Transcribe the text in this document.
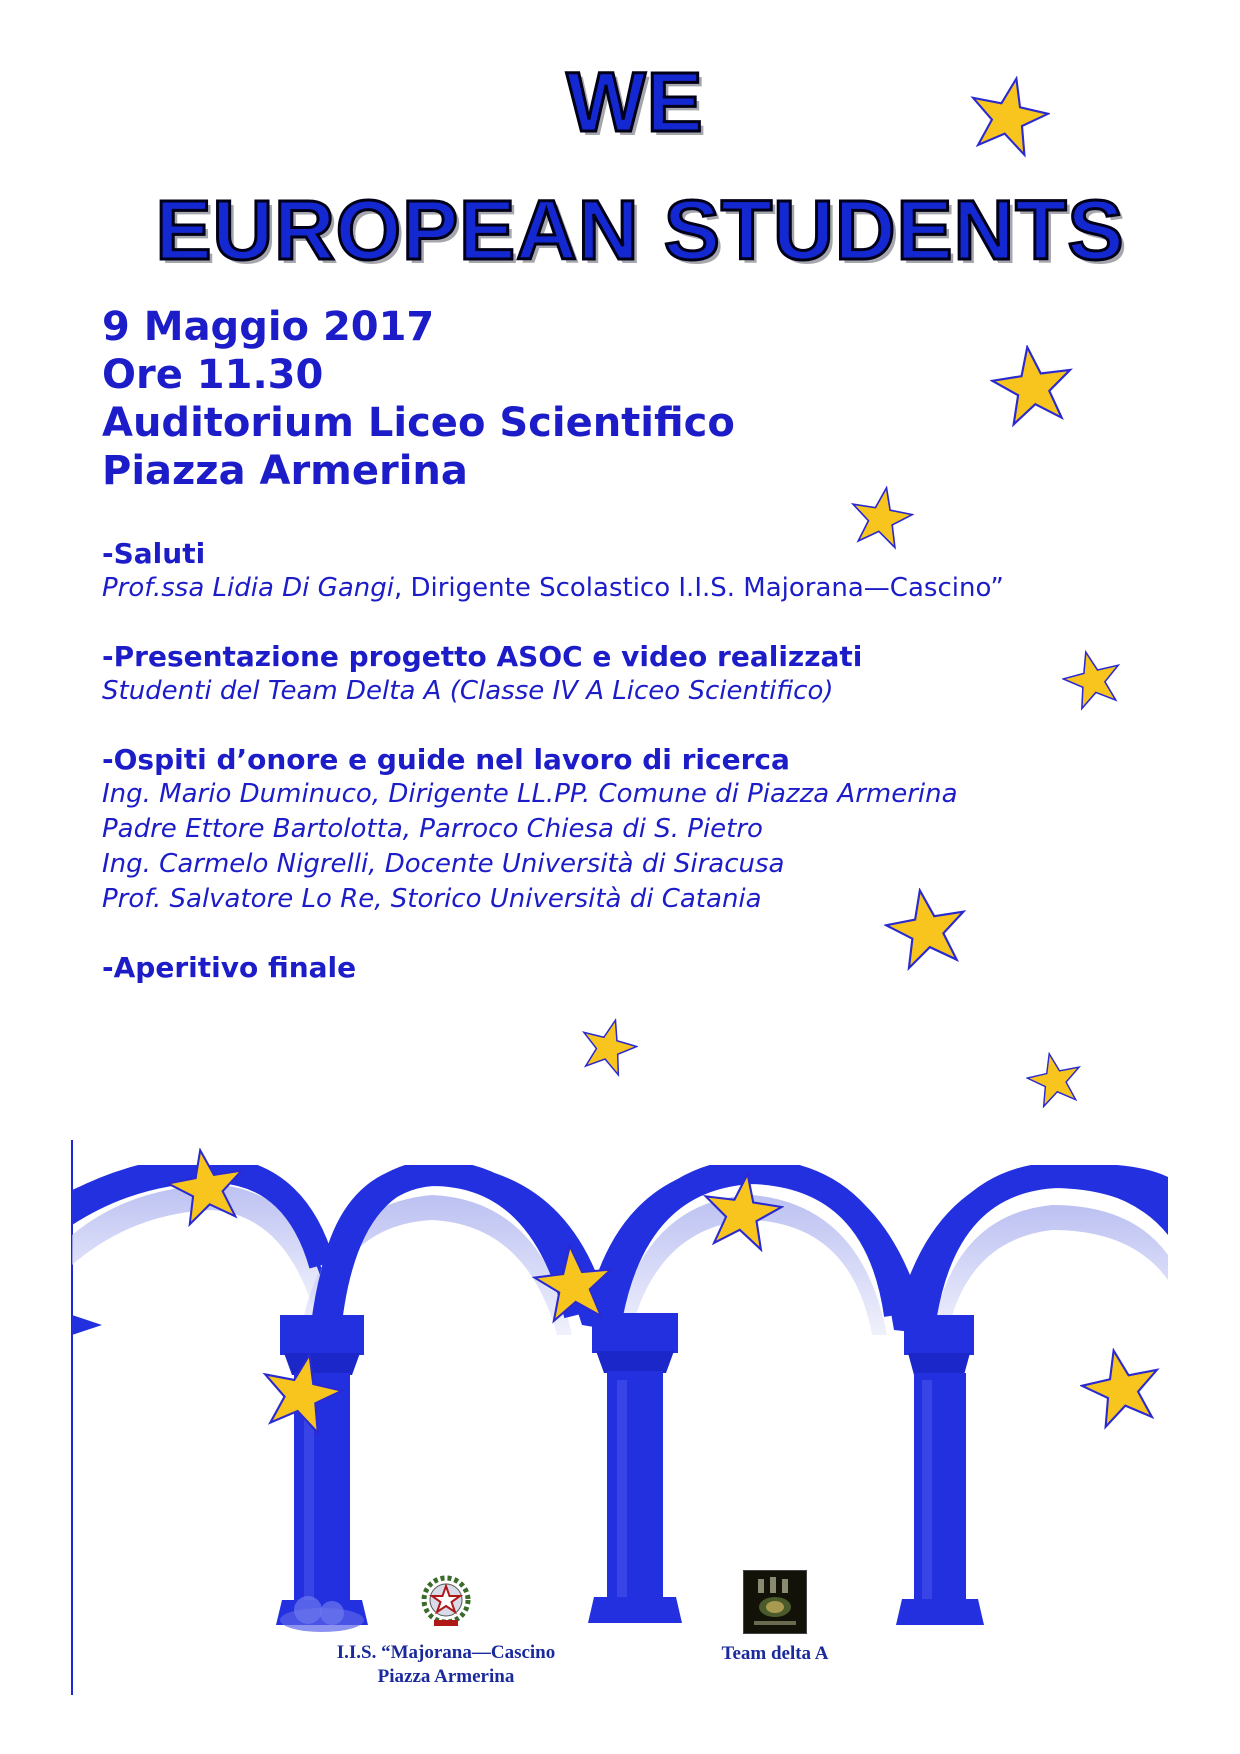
WE
EUROPEAN STUDENTS
9 Maggio 2017
Ore 11.30
Auditorium Liceo Scientifico
Piazza Armerina
-Saluti
Prof.ssa Lidia Di Gangi, Dirigente Scolastico I.I.S. Majorana—Cascino”
-Presentazione progetto ASOC e video realizzati
Studenti del Team Delta A (Classe IV A Liceo Scientifico)
-Ospiti d’onore e guide nel lavoro di ricerca
Ing. Mario Duminuco, Dirigente LL.PP. Comune di Piazza Armerina
Padre Ettore Bartolotta, Parroco Chiesa di S. Pietro
Ing. Carmelo Nigrelli, Docente Università di Siracusa
Prof. Salvatore Lo Re, Storico Università di Catania
-Aperitivo finale
I.I.S. “Majorana—Cascino
Piazza Armerina
Team delta A
